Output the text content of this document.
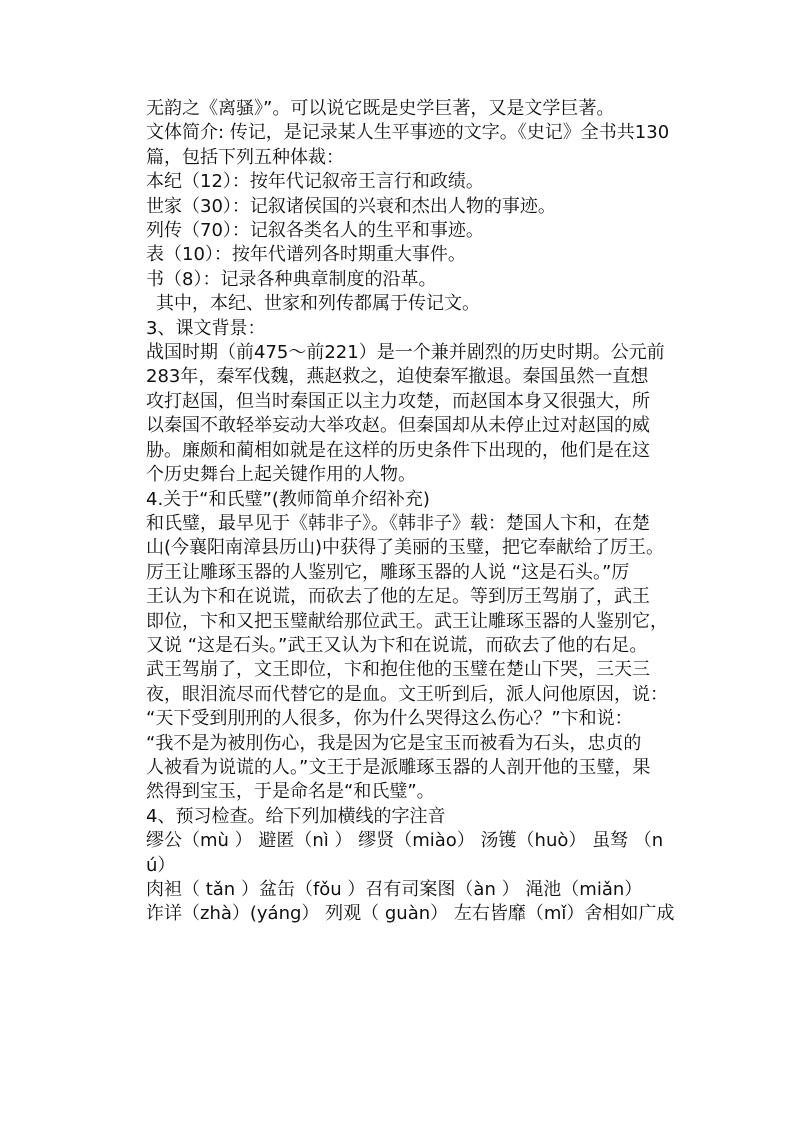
无韵之《离骚》”。可以说它既是史学巨著，又是文学巨著。
文体简介: 传记，是记录某人生平事迹的文字。《史记》全书共130
篇，包括下列五种体裁：
本纪（12）：按年代记叙帝王言行和政绩。
世家（30）：记叙诸侯国的兴衰和杰出人物的事迹。
列传（70）：记叙各类名人的生平和事迹。
表（10）：按年代谱列各时期重大事件。
书（8）：记录各种典章制度的沿革。
其中，本纪、世家和列传都属于传记文。
3、课文背景：
战国时期（前475～前221）是一个兼并剧烈的历史时期。公元前
283年，秦军伐魏，燕赵救之，迫使秦军撤退。秦国虽然一直想
攻打赵国，但当时秦国正以主力攻楚，而赵国本身又很强大，所
以秦国不敢轻举妄动大举攻赵。但秦国却从未停止过对赵国的威
胁。廉颇和蔺相如就是在这样的历史条件下出现的，他们是在这
个历史舞台上起关键作用的人物。
4.关于“和氏璧”(教师简单介绍补充)
和氏璧，最早见于《韩非子》。《韩非子》载：楚国人卞和，在楚
山(今襄阳南漳县历山)中获得了美丽的玉璧，把它奉献给了厉王。
厉王让雕琢玉器的人鉴别它，雕琢玉器的人说 “这是石头。”厉
王认为卞和在说谎，而砍去了他的左足。等到厉王驾崩了，武王
即位，卞和又把玉璧献给那位武王。武王让雕琢玉器的人鉴别它，
又说 “这是石头。”武王又认为卞和在说谎，而砍去了他的右足。
武王驾崩了，文王即位，卞和抱住他的玉璧在楚山下哭，三天三
夜，眼泪流尽而代替它的是血。文王听到后，派人问他原因，说：
“天下受到刖刑的人很多，你为什么哭得这么伤心？”卞和说：
“我不是为被刖伤心，我是因为它是宝玉而被看为石头，忠贞的
人被看为说谎的人。”文王于是派雕琢玉器的人剖开他的玉璧，果
然得到宝玉，于是命名是“和氏璧”。
4、预习检查。给下列加横线的字注音
缪公（mù ） 避匿（nì ） 缪贤（miào） 汤镬（huò） 虽驽 （n
ú）
肉袒（ tǎn ）盆缶（fǒu ）召有司案图（àn ） 渑池（miǎn）
诈详（zhà）(yáng） 列观（ guàn） 左右皆靡（mǐ）舍相如广成
